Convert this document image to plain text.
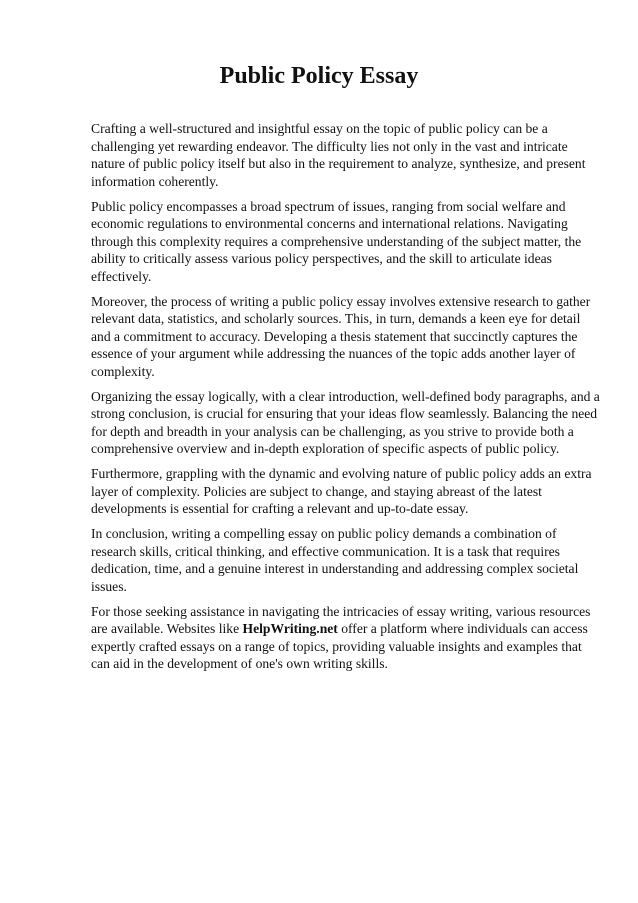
Public Policy Essay

Crafting a well-structured and insightful essay on the topic of public policy can be a challenging yet rewarding endeavor. The difficulty lies not only in the vast and intricate nature of public policy itself but also in the requirement to analyze, synthesize, and present information coherently.

Public policy encompasses a broad spectrum of issues, ranging from social welfare and economic regulations to environmental concerns and international relations. Navigating through this complexity requires a comprehensive understanding of the subject matter, the ability to critically assess various policy perspectives, and the skill to articulate ideas effectively.

Moreover, the process of writing a public policy essay involves extensive research to gather relevant data, statistics, and scholarly sources. This, in turn, demands a keen eye for detail and a commitment to accuracy. Developing a thesis statement that succinctly captures the essence of your argument while addressing the nuances of the topic adds another layer of complexity.

Organizing the essay logically, with a clear introduction, well-defined body paragraphs, and a strong conclusion, is crucial for ensuring that your ideas flow seamlessly. Balancing the need for depth and breadth in your analysis can be challenging, as you strive to provide both a comprehensive overview and in-depth exploration of specific aspects of public policy.

Furthermore, grappling with the dynamic and evolving nature of public policy adds an extra layer of complexity. Policies are subject to change, and staying abreast of the latest developments is essential for crafting a relevant and up-to-date essay.

In conclusion, writing a compelling essay on public policy demands a combination of research skills, critical thinking, and effective communication. It is a task that requires dedication, time, and a genuine interest in understanding and addressing complex societal issues.

For those seeking assistance in navigating the intricacies of essay writing, various resources are available. Websites like HelpWriting.net offer a platform where individuals can access expertly crafted essays on a range of topics, providing valuable insights and examples that can aid in the development of one's own writing skills.
